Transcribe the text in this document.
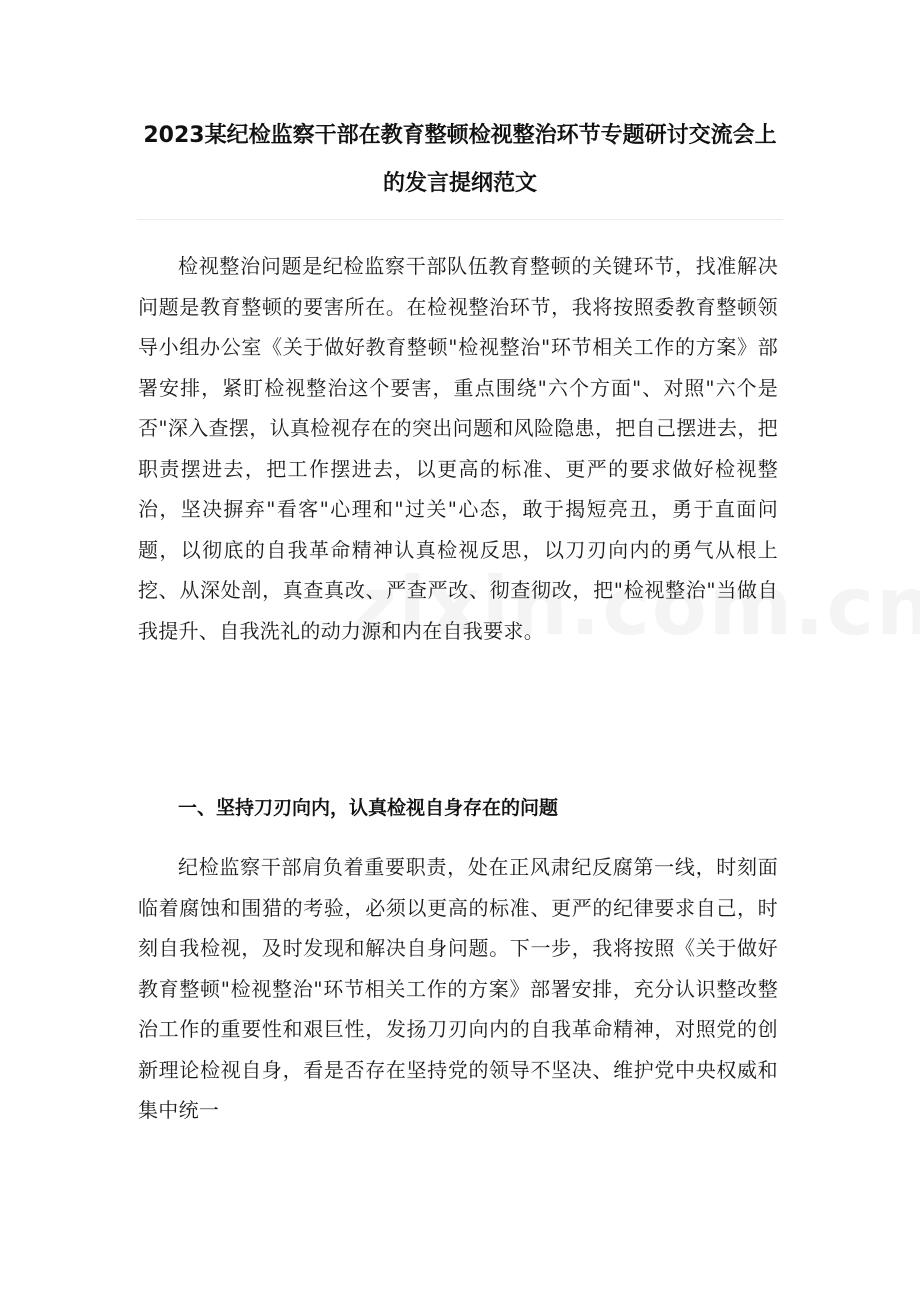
2023某纪检监察干部在教育整顿检视整治环节专题研讨交流会上的发言提纲范文

检视整治问题是纪检监察干部队伍教育整顿的关键环节，找准解决问题是教育整顿的要害所在。在检视整治环节，我将按照委教育整顿领导小组办公室《关于做好教育整顿"检视整治"环节相关工作的方案》部署安排，紧盯检视整治这个要害，重点围绕"六个方面"、对照"六个是否"深入查摆，认真检视存在的突出问题和风险隐患，把自己摆进去，把职责摆进去，把工作摆进去，以更高的标准、更严的要求做好检视整治，坚决摒弃"看客"心理和"过关"心态，敢于揭短亮丑，勇于直面问题，以彻底的自我革命精神认真检视反思，以刀刃向内的勇气从根上挖、从深处剖，真查真改、严查严改、彻查彻改，把"检视整治"当做自我提升、自我洗礼的动力源和内在自我要求。

一、坚持刀刃向内，认真检视自身存在的问题

纪检监察干部肩负着重要职责，处在正风肃纪反腐第一线，时刻面临着腐蚀和围猎的考验，必须以更高的标准、更严的纪律要求自己，时刻自我检视，及时发现和解决自身问题。下一步，我将按照《关于做好教育整顿"检视整治"环节相关工作的方案》部署安排，充分认识整改整治工作的重要性和艰巨性，发扬刀刃向内的自我革命精神，对照党的创新理论检视自身，看是否存在坚持党的领导不坚决、维护党中央权威和集中统一
